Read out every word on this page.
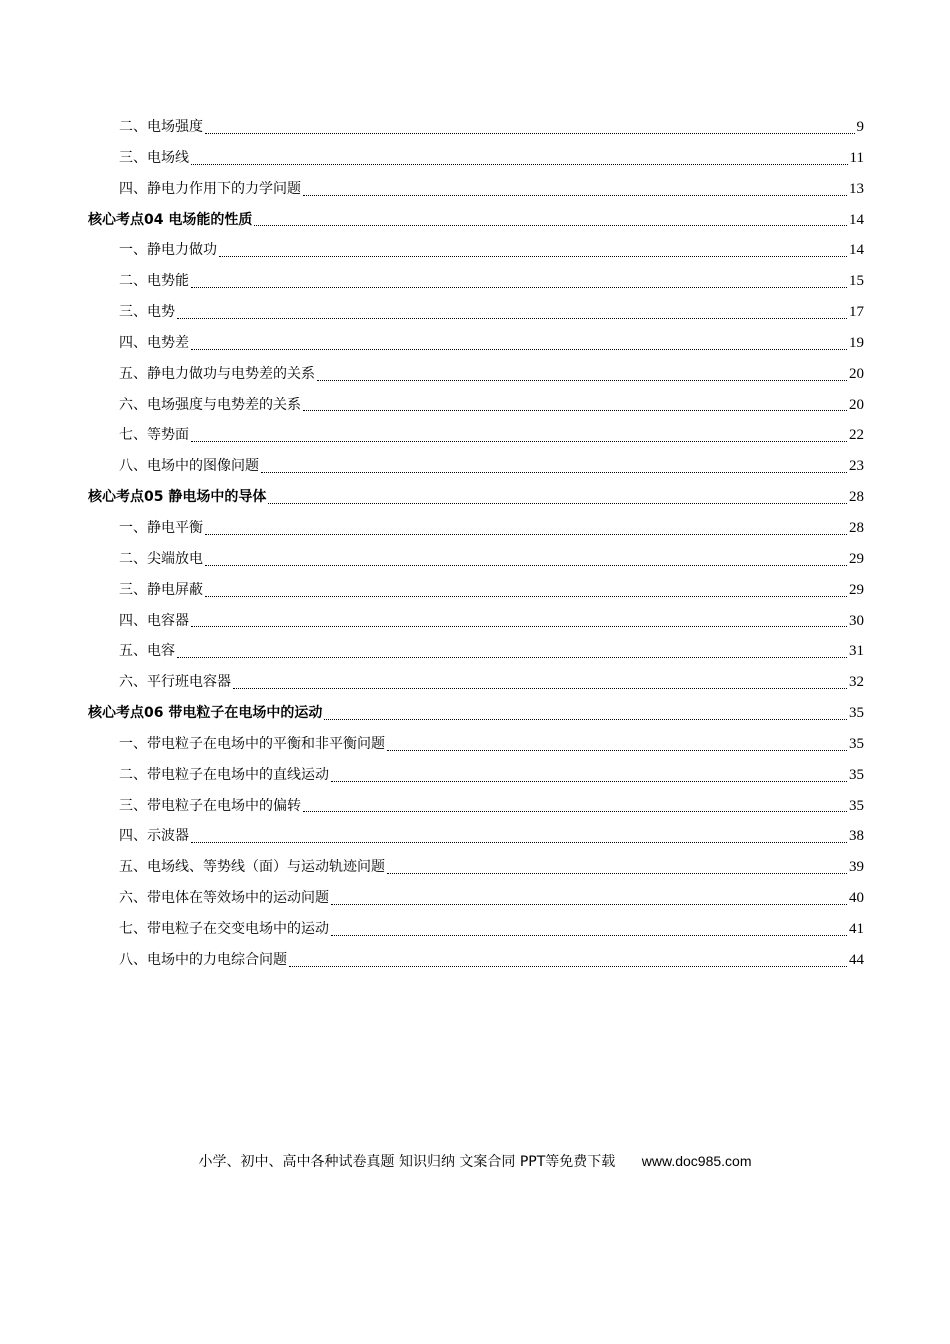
二、电场强度	9
三、电场线	11
四、静电力作用下的力学问题	13
核心考点04 电场能的性质	14
一、静电力做功	14
二、电势能	15
三、电势	17
四、电势差	19
五、静电力做功与电势差的关系	20
六、电场强度与电势差的关系	20
七、等势面	22
八、电场中的图像问题	23
核心考点05 静电场中的导体	28
一、静电平衡	28
二、尖端放电	29
三、静电屏蔽	29
四、电容器	30
五、电容	31
六、平行班电容器	32
核心考点06 带电粒子在电场中的运动	35
一、带电粒子在电场中的平衡和非平衡问题	35
二、带电粒子在电场中的直线运动	35
三、带电粒子在电场中的偏转	35
四、示波器	38
五、电场线、等势线（面）与运动轨迹问题	39
六、带电体在等效场中的运动问题	40
七、带电粒子在交变电场中的运动	41
八、电场中的力电综合问题	44
小学、初中、高中各种试卷真题 知识归纳 文案合同 PPT等免费下载 www.doc985.com
